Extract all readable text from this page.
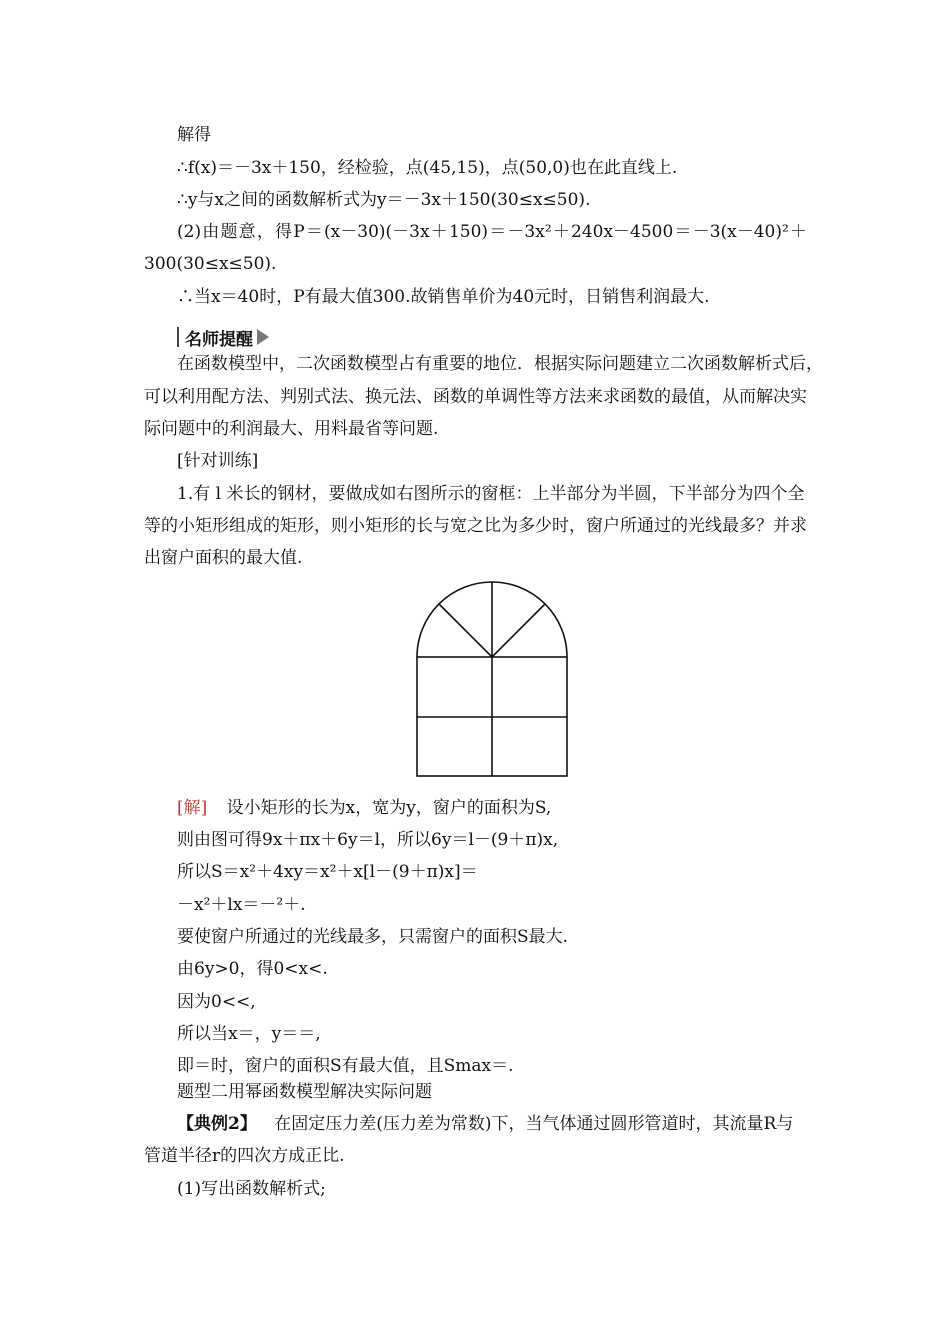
解得
∴f(x)＝－3x＋150，经检验，点(45,15)，点(50,0)也在此直线上.
∴y与x之间的函数解析式为y＝－3x＋150(30≤x≤50).
(2)由题意，得P＝(x－30)(－3x＋150)＝－3x²＋240x－4500＝－3(x－40)²＋
300(30≤x≤50).
∴当x＝40时，P有最大值300.故销售单价为40元时，日销售利润最大.
名师提醒
在函数模型中，二次函数模型占有重要的地位．根据实际问题建立二次函数解析式后，
可以利用配方法、判别式法、换元法、函数的单调性等方法来求函数的最值，从而解决实
际问题中的利润最大、用料最省等问题.
[针对训练]
1.有 l 米长的钢材，要做成如右图所示的窗框：上半部分为半圆，下半部分为四个全
等的小矩形组成的矩形，则小矩形的长与宽之比为多少时，窗户所通过的光线最多？并求
出窗户面积的最大值.
[解] 设小矩形的长为x，宽为y，窗户的面积为S,
则由图可得9x＋πx＋6y＝l，所以6y＝l－(9＋π)x,
所以S＝x²＋4xy＝x²＋x[l－(9＋π)x]＝
－x²＋lx＝－²＋.
要使窗户所通过的光线最多，只需窗户的面积S最大.
由6y>0，得0<x<.
因为0<<,
所以当x＝，y＝＝,
即＝时，窗户的面积S有最大值，且Smax＝.
题型二用幂函数模型解决实际问题
【典例2】 在固定压力差(压力差为常数)下，当气体通过圆形管道时，其流量R与
管道半径r的四次方成正比.
(1)写出函数解析式;
